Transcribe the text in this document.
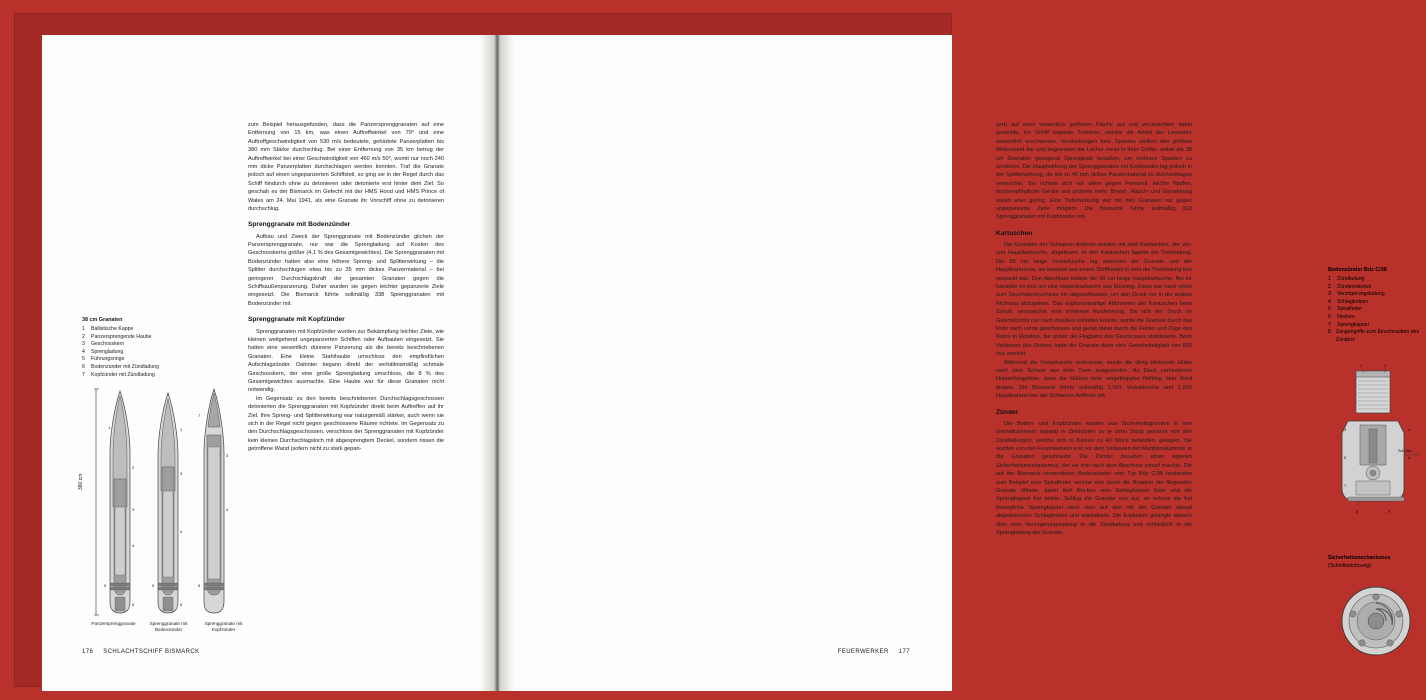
zum Beispiel herausgefunden, dass die Panzersprenggranaten auf eine Entfernung von 15 km, was einen Auftreffwinkel von 79° und eine Auftreffgeschwindigkeit von 530 m/s bedeutete, gehärtete Panzerplatten bis 380 mm Stärke durchschlug. Bei einer Entfernung von 35 km betrug der Auftreffwinkel bei einer Geschwindigkeit von 460 m/s 50°, womit nur noch 240 mm dicke Panzerplatten durchschlagen werden konnten. Traf die Granate jedoch auf einen ungepanzerten Schiffsteil, so ging sie in der Regel durch das Schiff hindurch ohne zu detonieren oder detonierte erst hinter dem Ziel. So geschah es der Bismarck im Gefecht mit der HMS Hood und HMS Prince of Wales am 24. Mai 1941, als eine Granate ihr Vorschiff ohne zu detonieren durchschlug.

Sprenggranate mit Bodenzünder

Aufbau und Zweck der Sprenggranate mit Bodenzünder glichen der Panzersprenggranate, nur war die Sprengladung auf Kosten des Geschosskerns größer (4,1 % des Gesamtgewichtes). Die Sprenggranaten mit Bodenzünder hatten also eine höhere Spreng- und Splitterwirkung – die Splitter durchschlugen etwa bis zu 35 mm dickes Panzermaterial – bei geringerer Durchschlagskraft der gesamten Granaten gegen die Schiffsaußenpanzerung. Daher wurden sie gegen leichter gepanzerte Ziele eingesetzt. Die Bismarck führte sollmäßig 338 Sprenggranaten mit Bodenzünder mit.

Sprenggranate mit Kopfzünder

Sprenggranaten mit Kopfzünder wurden zur Bekämpfung leichter Ziele, wie kleinen weitgehend ungepanzerten Schiffen oder Aufbauten eingesetzt. Sie hatten eine wesentlich dünnere Panzerung als die bereits beschriebenen Granaten. Eine kleine Stahlhaube umschloss den empfindlichen Aufschlagzünder. Dahinter begann direkt der verhältnismäßig schmale Geschosskern, der eine große Sprengladung umschloss, die 8 % des Gesamtgewichtes ausmachte. Eine Haube war für diese Granaten nicht notwendig.

Im Gegensatz zu den bereits beschriebenen Durchschlagsgeschossen detonierten die Sprenggranaten mit Kopfzünder direkt beim Auftreffen auf ihr Ziel. Ihre Spreng- und Splitterwirkung war naturgemäß stärker, auch wenn sie sich in der Regel nicht gegen geschlossene Räume richtete. Im Gegensatz zu den Durchschlagsgeschossen, verschloss der Sprenggranaten mit Kopfzünder kein kleines Durchschlagsloch mit abgesprengtem Deckel, sondern rissen die getroffene Wand (sofern nicht zu stark gepan-

38 cm Granaten
1	Ballistische Kappe
2	Panzersprengende Haube
3	Geschosskern
4	Sprengladung
5	Führungsringe
6	Bodenzünder mit Zündladung
7	Kopfzünder mit Zündladung
380 cm
1
2
3
4
5
6
1
3
4
5
6
7
3
4
5
Panzersprenggranate	Sprenggranate mit Bodenzünder
Sprenggranate mit Kopfzünder
176 SCHLACHTSCHIFF BISMARCK

zert) auf einer wesentlich größeren Fläche auf und verursachten dabei gezackte, ins Schiff ragende Trümmer, welche die Arbeit der Leckwehr wesentlich erschwerten. Verstrebungen bzw. Spanten stellten den größten Widerstand dar und begrenzten die Löcher meist in ihrer Größe, wobei die 38 cm Granaten genügend Sprengkraft besaßen, um mehrere Spanten zu zerstören. Die Hauptwirkung der Sprenggranaten mit Kopfzünder lag jedoch in der Splitterwirkung, die bis zu 40 mm dickes Panzermaterial zu durchschlagen vermochte. Sie richtete sich vor allem gegen Personal, leichte Waffen, hochempfindliche Geräte und anderes mehr. Brand-, Rauch- und Gaswirkung waren eher gering. Eine Tiefenwirkung war mit den Granaten nur gegen ungepanzerte Ziele möglich. Die Bismarck führte sollmäßig 313 Sprenggranaten mit Kopfzünder mit.

Kartuschen

Die Granaten der Schweren Artillerie wurden mit zwei Kartuschen, der Vor- und Hauptkartusche, abgefeuert. In den Kartuschen lagerte die Treibladung. Die 85 cm lange Vorkartusche lag zwischen der Granate und der Hauptkartusche, sie bestand aus einem Stoffbeutel in dem die Treibladung fest verpackt war. Den Abschluss bildete die 90 cm lange Hauptkartusche. Bei ihr handelte es sich um eine Hülsenkartusche aus Messing. Diese war nach unten zum Geschützverschluss hin abgeschlossen, um den Druck nur in die andere Richtung abzugeben. Das explosionsartige Abbrennen der Kartuschen beim Schuß, verursachte eine immense Ausdehnung. Da sich der Druck im Geschützrohr nur nach draußen entladen konnte, wurde die Granate durch das Rohr nach vorne geschossen und geriet dabei durch die Felder und Züge des Rohrs in Rotation, die später die Flugbahn des Geschosses stabilisierte. Beim Verlassen des Rohres hatte die Granate dann eine Geschwindigkeit von 820 m/s erreicht.

Während die Vorkartusche verbrannte, wurde die übrig bleibende Hülse nach dem Schuss aus dem Turm ausgeworfen. An Deck verhinderten Hülsenfangpilzter, dass die Hülsen trotz umgeklappter Rehling über Bord gingen. Die Bismarck führte sollmäßig 1.001 Vorkartusche und 1.005 Hauptkartuschen der Schweren Artillerie mit.

Zünder

Die Boden- und Kopfzünder wurden aus Sicherheitsgründen in den Granatkammern separat in Zinkkästen zu je zehn Stück getrennt von den Zündladungen, welche sich in Kästen zu 40 Stück befanden, gelagert. Sie wurden von den Feuerwerkern erst vor dem Verlassen der Munitionskammer in die Granaten geschraubt. Die Zünder besaßen einen eigenen Sicherheitsmechanismus, der sie erst nach dem Abschuss scharf machte. Die auf der Bismarck verwendeten Bodenzünder vom Typ Bdz C/38 bestanden zum Beispiel eine Spiralfeder, welche sich durch die Rotation der fliegenden Granate öffnete, damit fünf Nocken vom Schlagbolzen löste und die Sprengkapsel frei setzte. Schlug die Granate nun auf, so schoss die frei bewegliche Sprengkapsel nach vorn auf den mit der Granate abrupt abgebremsten Schlagbolzen und explodierte. Die Explosion gelangte danach über eine Verzögerungsladung in die Zündladung und schließlich in die Sprengladung der Granate.

Bodenzünder Bdz C/38
1	Zündladung
2	Zündersdeckel
3	Verzögerungsladung
4	Schlagbolzen
5	Spiralfeder
6	Nocken
7	Sprengkapsel
8 Zangengriffe zum Einschrauben des Zünders
1	2
3	4
5	6
7
8	9
Schnitte
Sicherheitsmechanismus
(Schnittzeichnung)
FEUERWERKER 177
